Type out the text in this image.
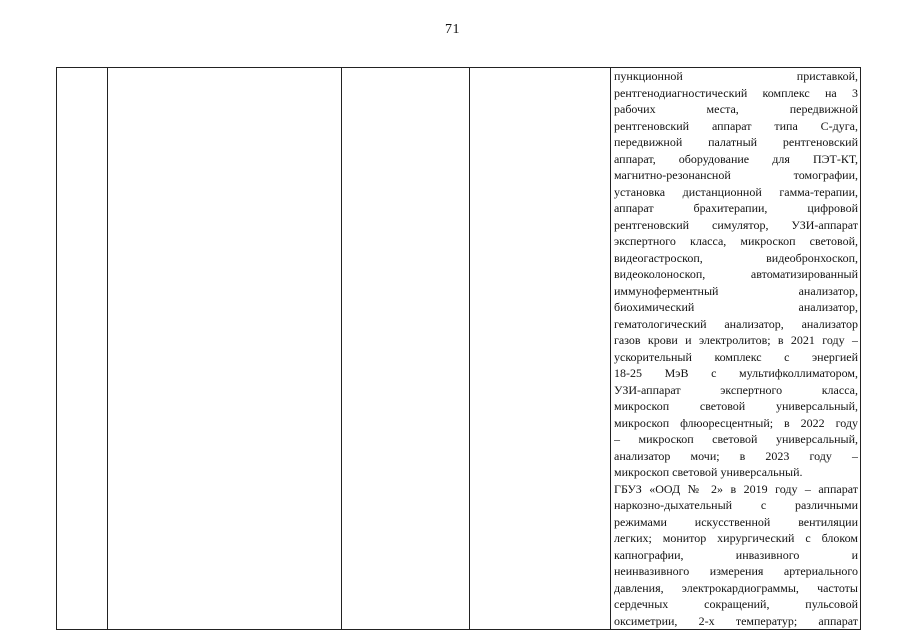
71

пункционной приставкой,
рентгенодиагностический комплекс на 3
рабочих места, передвижной
рентгеновский аппарат типа С-дуга,
передвижной палатный рентгеновский
аппарат, оборудование для ПЭТ-КТ,
магнитно-резонансной томографии,
установка дистанционной гамма-терапии,
аппарат брахитерапии, цифровой
рентгеновский симулятор, УЗИ-аппарат
экспертного класса, микроскоп световой,
видеогастроскоп, видеобронхоскоп,
видеоколоноскоп, автоматизированный
иммуноферментный анализатор,
биохимический анализатор,
гематологический анализатор, анализатор
газов крови и электролитов; в 2021 году –
ускорительный комплекс с энергией
18-25 МэВ с мультифколлиматором,
УЗИ-аппарат экспертного класса,
микроскоп световой универсальный,
микроскоп флюоресцентный; в 2022 году
– микроскоп световой универсальный,
анализатор мочи; в 2023 году –
микроскоп световой универсальный.
ГБУЗ «ООД № 2» в 2019 году – аппарат
наркозно-дыхательный с различными
режимами искусственной вентиляции
легких; монитор хирургический с блоком
капнографии, инвазивного и
неинвазивного измерения артериального
давления, электрокардиограммы, частоты
сердечных сокращений, пульсовой
оксиметрии, 2-х температур; аппарат
